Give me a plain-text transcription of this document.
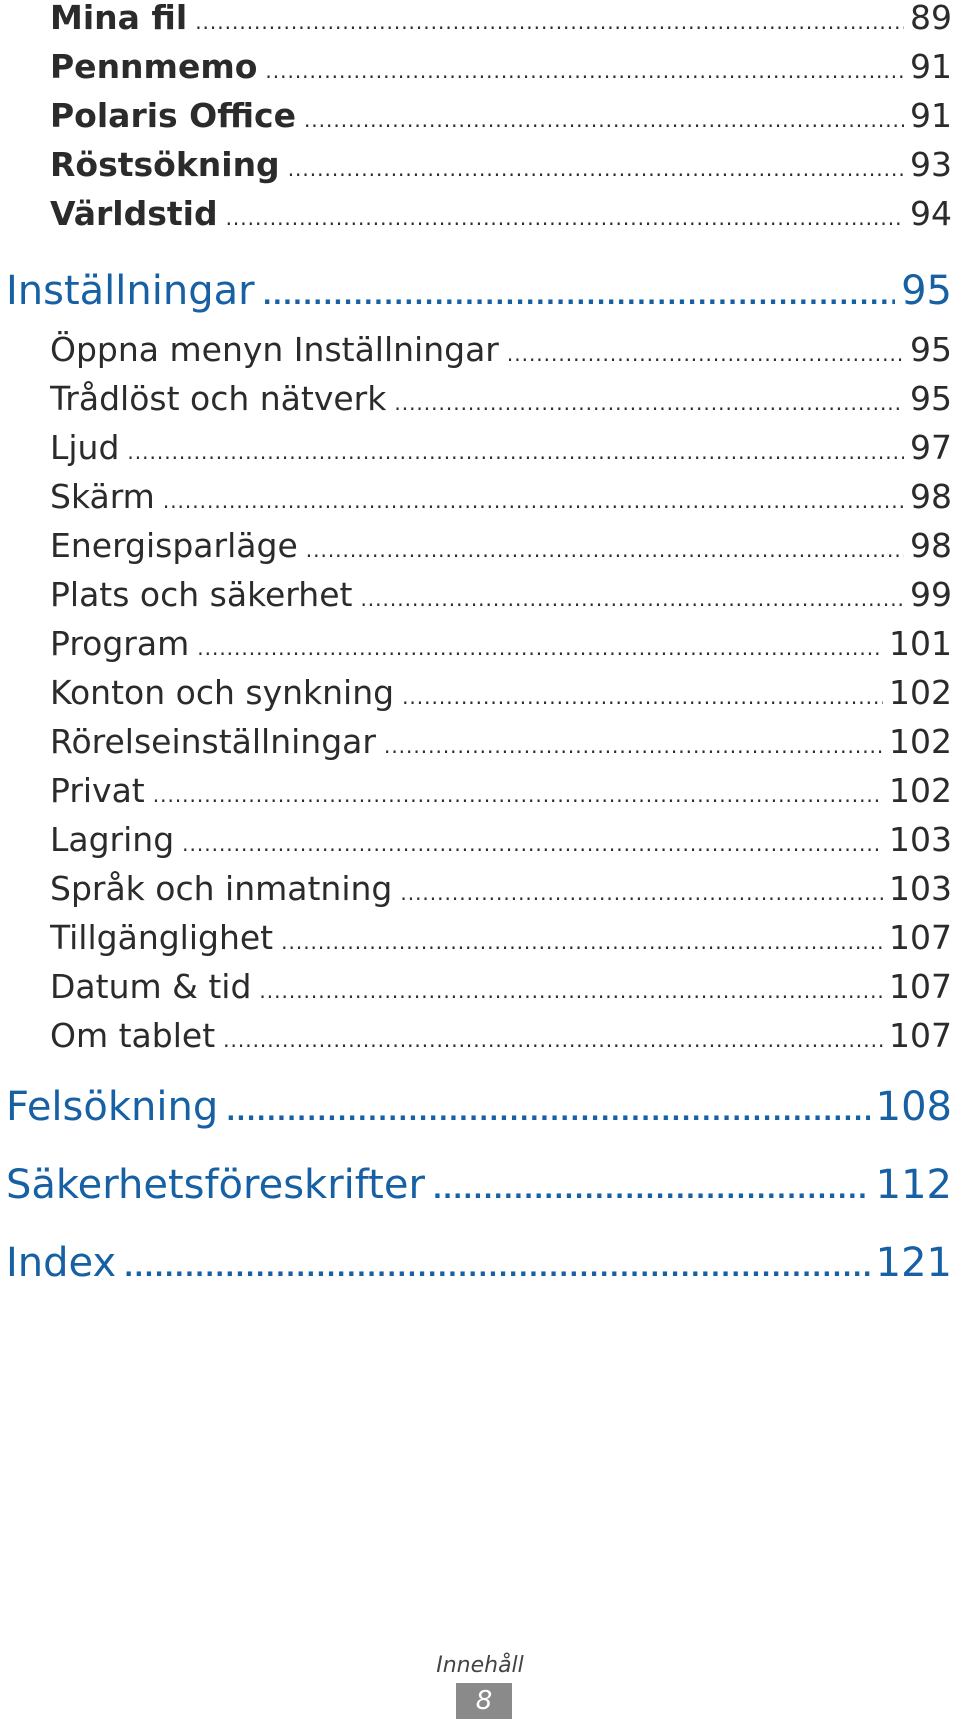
Mina fil .....	89
Pennmemo .....	91
Polaris Office .....	91
Röstsökning .....	93
Världstid .....	94
Inställningar .....	95
Öppna menyn Inställningar .....	95
Trådlöst och nätverk .....	95
Ljud .....	97
Skärm .....	98
Energisparläge .....	98
Plats och säkerhet .....	99
Program .....	101
Konton och synkning .....	102
Rörelseinställningar .....	102
Privat .....	102
Lagring .....	103
Språk och inmatning .....	103
Tillgänglighet .....	107
Datum & tid .....	107
Om tablet .....	107
Felsökning .....	108
Säkerhetsföreskrifter .....	112
Index .....	121
Innehåll
8
